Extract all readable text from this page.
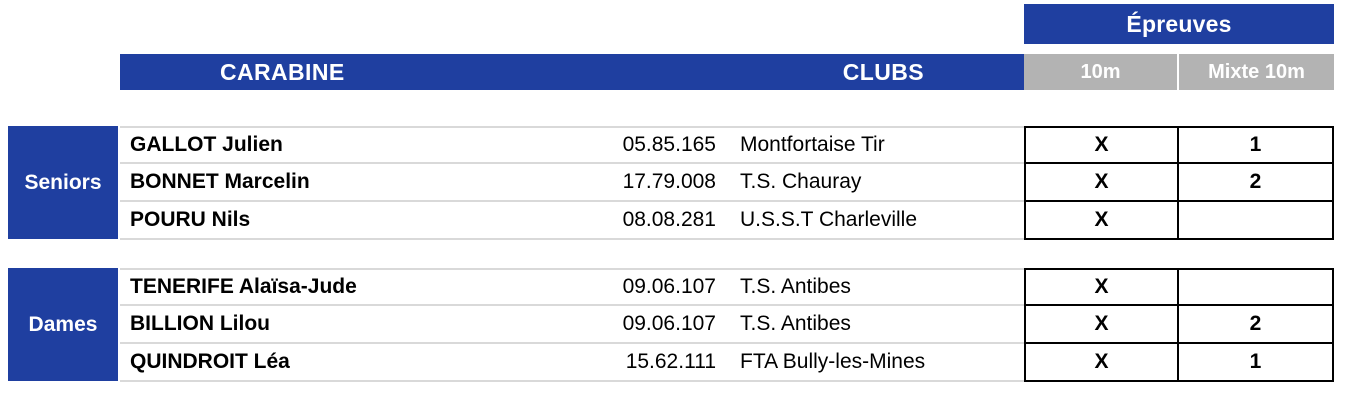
Épreuves
CARABINE	CLUBS	10m	Mixte 10m
Seniors
Dames
GALLOT Julien	05.85.165	Montfortaise Tir	X	1
BONNET Marcelin	17.79.008	T.S. Chauray	X	2
POURU Nils	08.08.281	U.S.S.T Charleville	X
TENERIFE Alaïsa-Jude	09.06.107	T.S. Antibes	X
BILLION Lilou	09.06.107	T.S. Antibes	X	2
QUINDROIT Léa	15.62.111	FTA Bully-les-Mines	X	1
